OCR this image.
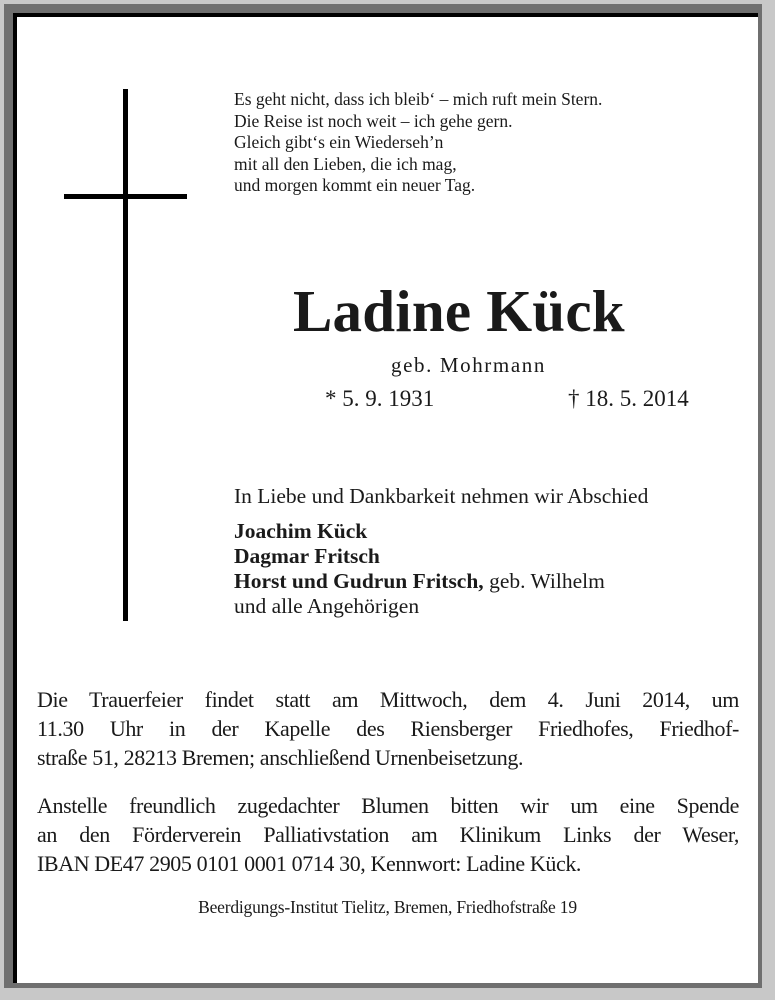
Es geht nicht, dass ich bleib‘ – mich ruft mein Stern.
Die Reise ist noch weit – ich gehe gern.
Gleich gibt‘s ein Wiederseh’n
mit all den Lieben, die ich mag,
und morgen kommt ein neuer Tag.
Ladine Kück
geb. Mohrmann
* 5. 9. 1931	† 18. 5. 2014
In Liebe und Dankbarkeit nehmen wir Abschied
Joachim Kück
Dagmar Fritsch
Horst und Gudrun Fritsch, geb. Wilhelm
und alle Angehörigen
Die Trauerfeier findet statt am Mittwoch, dem 4. Juni 2014, um
11.30 Uhr in der Kapelle des Riensberger Friedhofes, Friedhof-
straße 51, 28213 Bremen; anschließend Urnenbeisetzung.
Anstelle freundlich zugedachter Blumen bitten wir um eine Spende
an den Förderverein Palliativstation am Klinikum Links der Weser,
IBAN DE47 2905 0101 0001 0714 30, Kennwort: Ladine Kück.
Beerdigungs-Institut Tielitz, Bremen, Friedhofstraße 19
